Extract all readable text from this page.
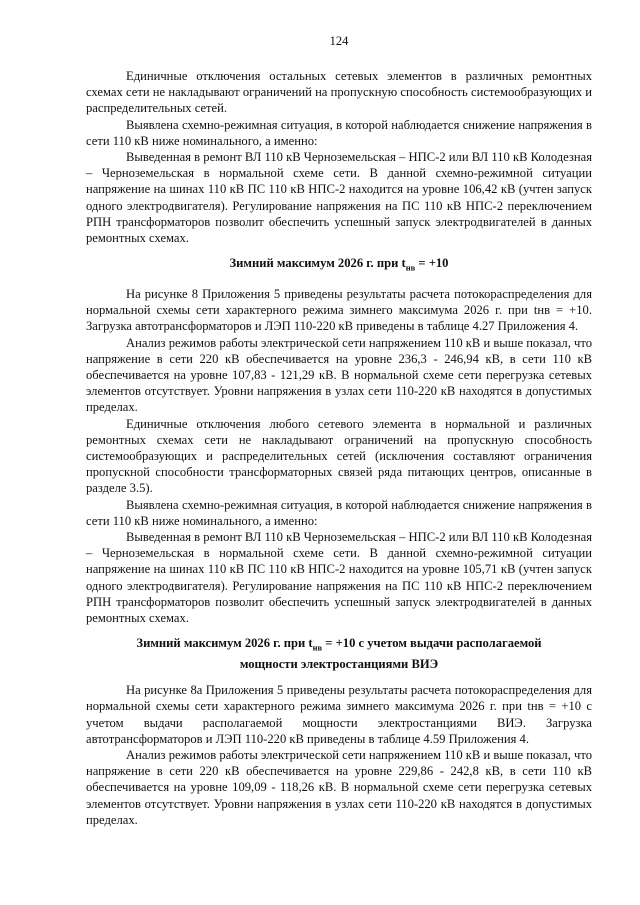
124

Единичные отключения остальных сетевых элементов в различных ремонтных схемах сети не накладывают ограничений на пропускную способность системообразующих и распределительных сетей.

Выявлена схемно-режимная ситуация, в которой наблюдается снижение напряжения в сети 110 кВ ниже номинального, а именно:

Выведенная в ремонт ВЛ 110 кВ Черноземельская – НПС-2 или ВЛ 110 кВ Колодезная – Черноземельская в нормальной схеме сети. В данной схемно-режимной ситуации напряжение на шинах 110 кВ ПС 110 кВ НПС-2 находится на уровне 106,42 кВ (учтен запуск одного электродвигателя). Регулирование напряжения на ПС 110 кВ НПС-2 переключением РПН трансформаторов позволит обеспечить успешный запуск электродвигателей в данных ремонтных схемах.

Зимний максимум 2026 г. при $t_{нв} = +10$

На рисунке 8 Приложения 5 приведены результаты расчета потокораспределения для нормальной схемы сети характерного режима зимнего максимума 2026 г. при tнв = +10. Загрузка автотрансформаторов и ЛЭП 110-220 кВ приведены в таблице 4.27 Приложения 4.

Анализ режимов работы электрической сети напряжением 110 кВ и выше показал, что напряжение в сети 220 кВ обеспечивается на уровне 236,3 - 246,94 кВ, в сети 110 кВ обеспечивается на уровне 107,83 - 121,29 кВ. В нормальной схеме сети перегрузка сетевых элементов отсутствует. Уровни напряжения в узлах сети 110-220 кВ находятся в допустимых пределах.

Единичные отключения любого сетевого элемента в нормальной и различных ремонтных схемах сети не накладывают ограничений на пропускную способность системообразующих и распределительных сетей (исключения составляют ограничения пропускной способности трансформаторных связей ряда питающих центров, описанные в разделе 3.5).

Выявлена схемно-режимная ситуация, в которой наблюдается снижение напряжения в сети 110 кВ ниже номинального, а именно:

Выведенная в ремонт ВЛ 110 кВ Черноземельская – НПС-2 или ВЛ 110 кВ Колодезная – Черноземельская в нормальной схеме сети. В данной схемно-режимной ситуации напряжение на шинах 110 кВ ПС 110 кВ НПС-2 находится на уровне 105,71 кВ (учтен запуск одного электродвигателя). Регулирование напряжения на ПС 110 кВ НПС-2 переключением РПН трансформаторов позволит обеспечить успешный запуск электродвигателей в данных ремонтных схемах.

Зимний максимум 2026 г. при $t_{нв} = +10$ с учетом выдачи располагаемой

мощности электростанциями ВИЭ

На рисунке 8а Приложения 5 приведены результаты расчета потокораспределения для нормальной схемы сети характерного режима зимнего максимума 2026 г. при tнв = +10 с учетом выдачи располагаемой мощности электростанциями ВИЭ. Загрузка автотрансформаторов и ЛЭП 110-220 кВ приведены в таблице 4.59 Приложения 4.

Анализ режимов работы электрической сети напряжением 110 кВ и выше показал, что напряжение в сети 220 кВ обеспечивается на уровне 229,86 - 242,8 кВ, в сети 110 кВ обеспечивается на уровне 109,09 - 118,26 кВ. В нормальной схеме сети перегрузка сетевых элементов отсутствует. Уровни напряжения в узлах сети 110-220 кВ находятся в допустимых пределах.
